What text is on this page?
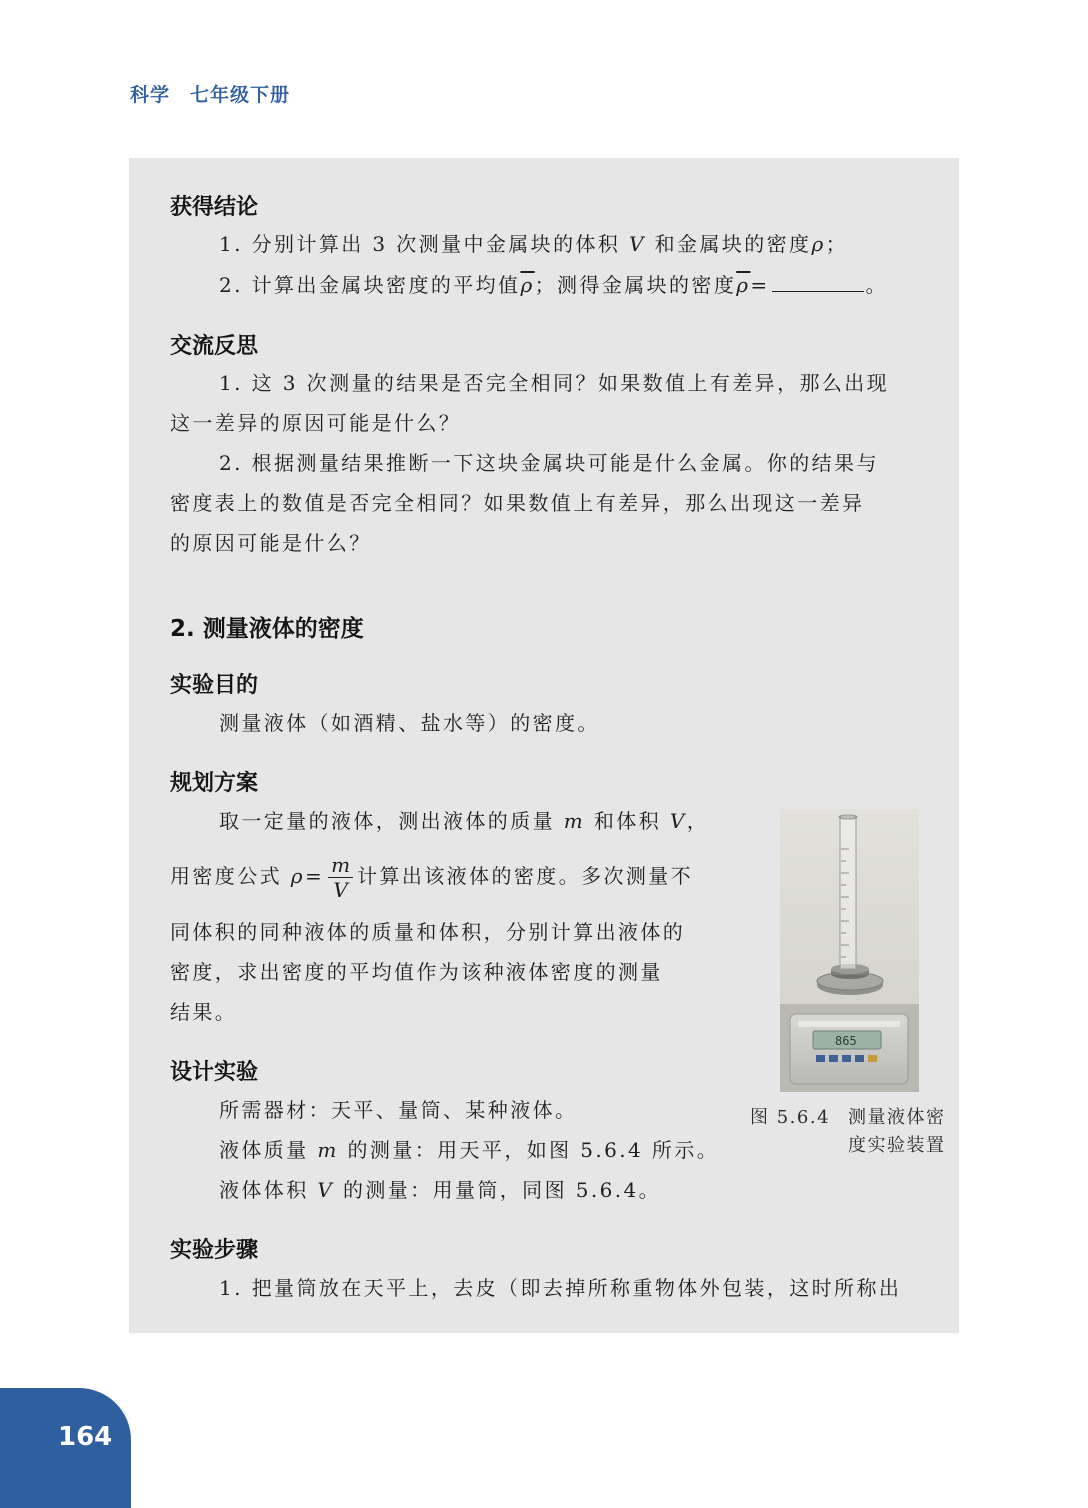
科学 七年级下册
获得结论
1. 分别计算出 3 次测量中金属块的体积 V 和金属块的密度ρ；
2. 计算出金属块密度的平均值$\overline{\rho}$；测得金属块的密度$\overline{\rho}=$	。
交流反思
1. 这 3 次测量的结果是否完全相同？如果数值上有差异，那么出现
这一差异的原因可能是什么？
2. 根据测量结果推断一下这块金属块可能是什么金属。你的结果与
密度表上的数值是否完全相同？如果数值上有差异，那么出现这一差异
的原因可能是什么？
2. 测量液体的密度
实验目的
测量液体（如酒精、盐水等）的密度。
规划方案
取一定量的液体，测出液体的质量 m 和体积 V，
用密度公式 $\rho= \frac{m}{V}$ 计算出该液体的密度。多次测量不
同体积的同种液体的质量和体积，分别计算出液体的
密度，求出密度的平均值作为该种液体密度的测量
结果。
设计实验
所需器材：天平、量筒、某种液体。
液体质量 m 的测量：用天平，如图 5.6.4 所示。
液体体积 V 的测量：用量筒，同图 5.6.4。
实验步骤
1. 把量筒放在天平上，去皮（即去掉所称重物体外包装，这时所称出
865
图 5.6.4 测量液体密
度实验装置
164
